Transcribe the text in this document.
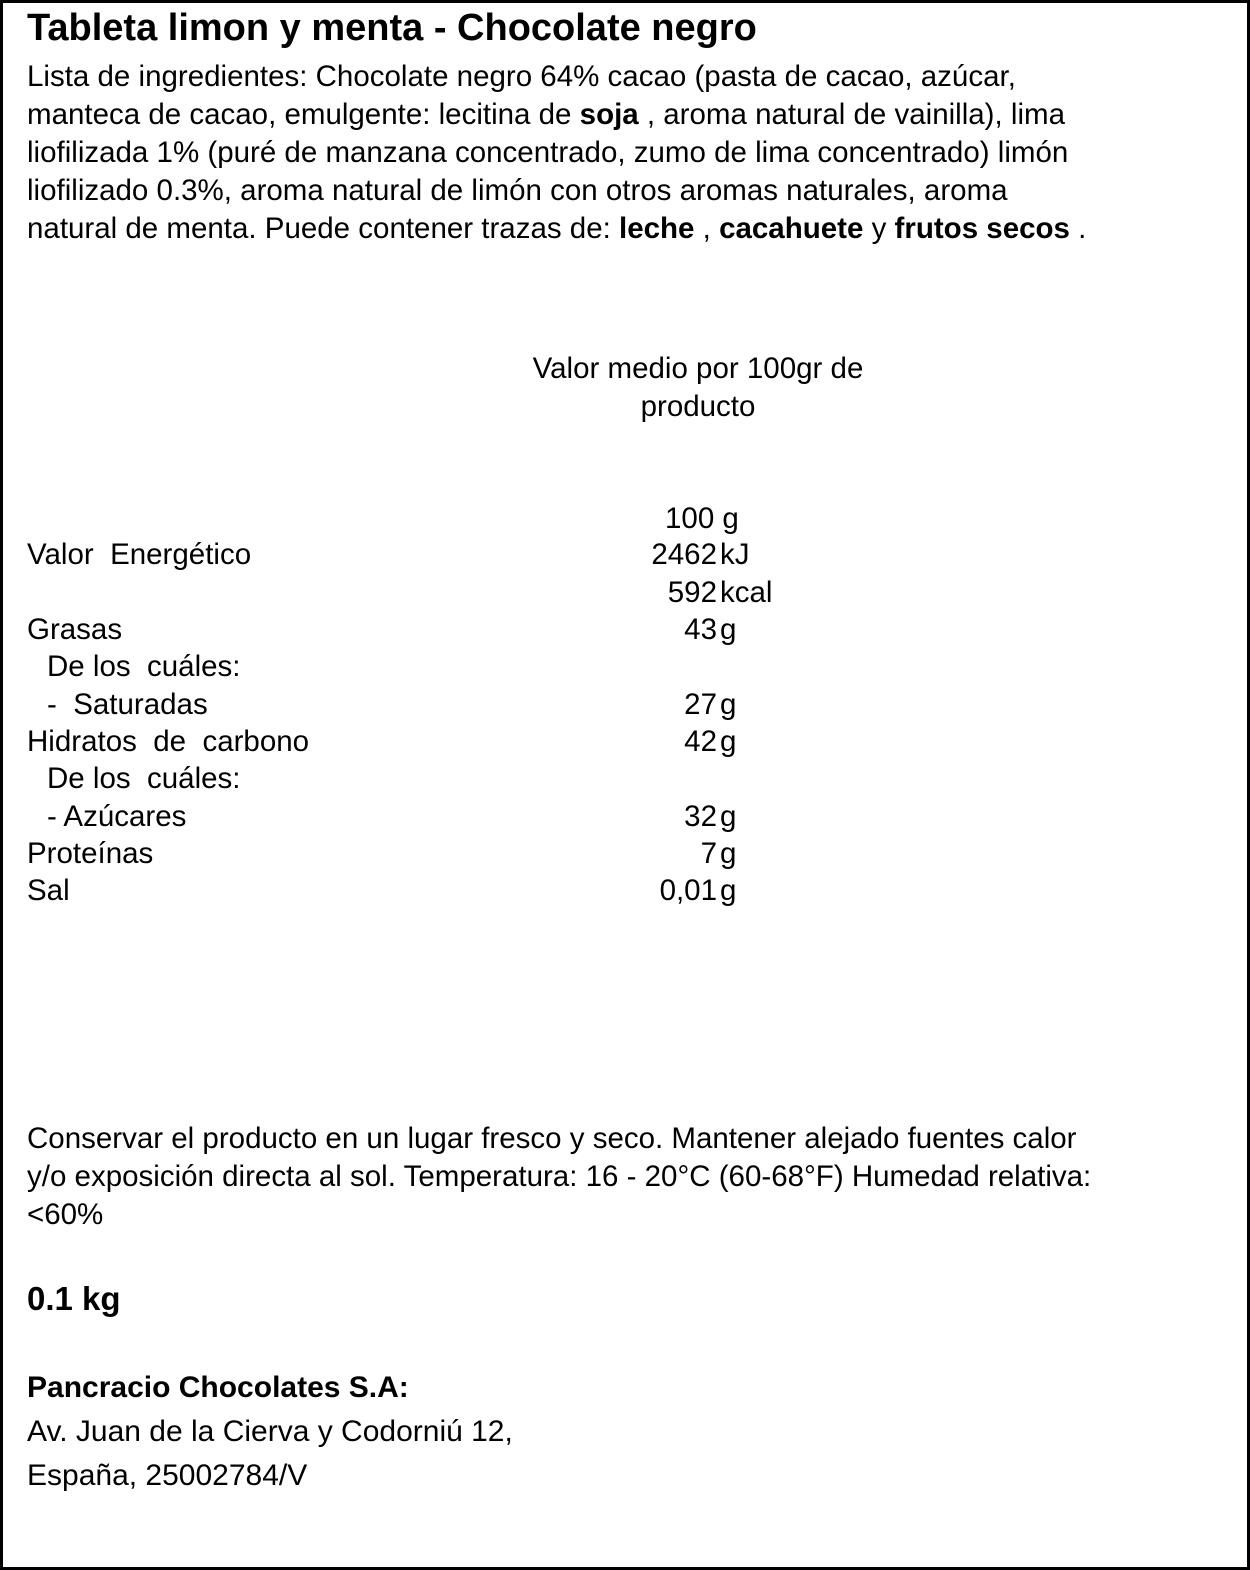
Tableta limon y menta - Chocolate negro
Lista de ingredientes: Chocolate negro 64% cacao (pasta de cacao, azúcar,
manteca de cacao, emulgente: lecitina de soja , aroma natural de vainilla), lima
liofilizada 1% (puré de manzana concentrado, zumo de lima concentrado) limón
liofilizado 0.3%, aroma natural de limón con otros aromas naturales, aroma
natural de menta. Puede contener trazas de: leche , cacahuete y frutos secos .
Valor medio por 100gr de
producto
100 g
Valor  Energético	2462 kJ
592 kcal
Grasas	43 g
De los  cuáles:
-  Saturadas	27 g
Hidratos  de  carbono	42 g
De los  cuáles:
- Azúcares	32 g
Proteínas	7 g
Sal	0,01 g
Conservar el producto en un lugar fresco y seco. Mantener alejado fuentes calor
y/o exposición directa al sol. Temperatura: 16 - 20°C (60-68°F) Humedad relativa:
<60%
0.1 kg
Pancracio Chocolates S.A:
Av. Juan de la Cierva y Codorniú 12,
España, 25002784/V
